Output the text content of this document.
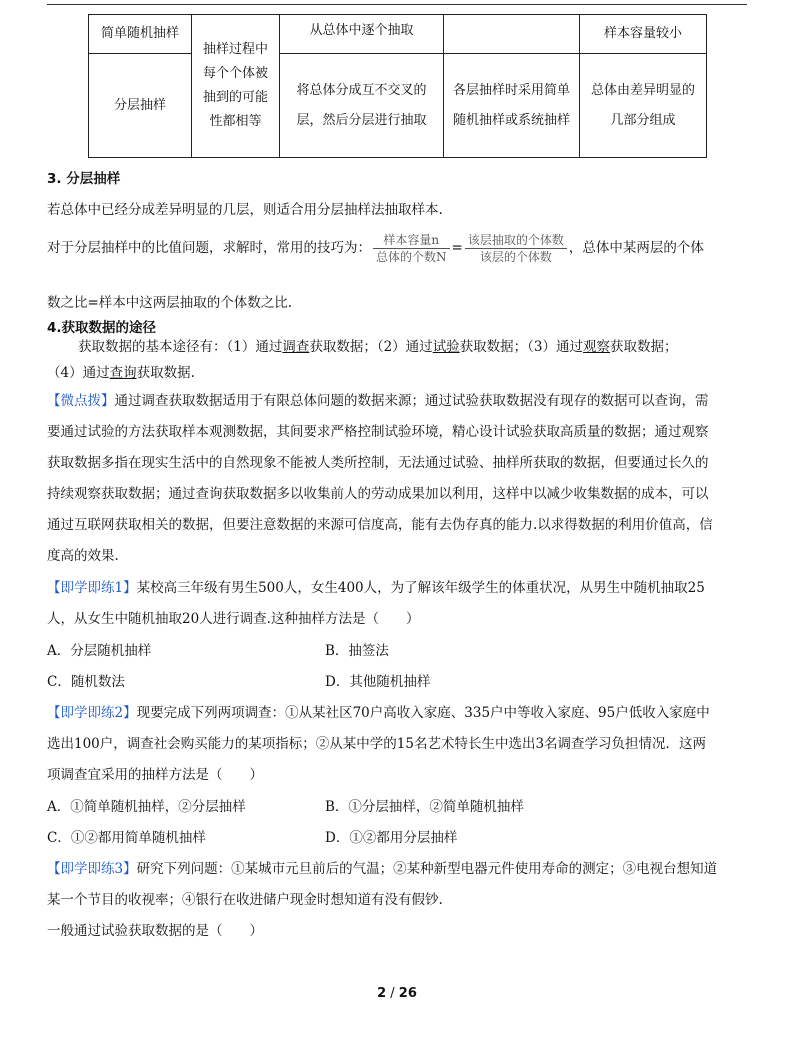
简单随机抽样	抽样过程中每个个体被抽到的可能性都相等	从总体中逐个抽取		样本容量较小
分层抽样		将总体分成互不交叉的层，然后分层进行抽取	各层抽样时采用简单随机抽样或系统抽样	总体由差异明显的几部分组成
3. 分层抽样
若总体中已经分成差异明显的几层，则适合用分层抽样法抽取样本.
对于分层抽样中的比值问题，求解时，常用的技巧为： $\frac{\text{样本容量n}}{\text{总体的个数N}} = \frac{\text{该层抽取的个体数}}{\text{该层的个体数}}$ ，总体中某两层的个体
数之比=样本中这两层抽取的个体数之比.
4.获取数据的途径
获取数据的基本途径有：（1）通过调查获取数据；（2）通过试验获取数据；（3）通过观察获取数据；
（4）通过查询获取数据.
【微点拨】通过调查获取数据适用于有限总体问题的数据来源；通过试验获取数据没有现存的数据可以查询，需
要通过试验的方法获取样本观测数据，其间要求严格控制试验环境，精心设计试验获取高质量的数据；通过观察
获取数据多指在现实生活中的自然现象不能被人类所控制，无法通过试验、抽样所获取的数据，但要通过长久的
持续观察获取数据；通过查询获取数据多以收集前人的劳动成果加以利用，这样中以减少收集数据的成本，可以
通过互联网获取相关的数据，但要注意数据的来源可信度高，能有去伪存真的能力.以求得数据的利用价值高，信
度高的效果.
【即学即练1】某校高三年级有男生500人，女生400人，为了解该年级学生的体重状况，从男生中随机抽取25
人，从女生中随机抽取20人进行调查.这种抽样方法是（　　）
A．分层随机抽样	B．抽签法
C．随机数法	D．其他随机抽样
【即学即练2】现要完成下列两项调查：①从某社区70户高收入家庭、335户中等收入家庭、95户低收入家庭中
选出100户，调查社会购买能力的某项指标；②从某中学的15名艺术特长生中选出3名调查学习负担情况．这两
项调查宜采用的抽样方法是（　　）
A．①简单随机抽样，②分层抽样	B．①分层抽样，②简单随机抽样
C．①②都用简单随机抽样	D．①②都用分层抽样
【即学即练3】研究下列问题：①某城市元旦前后的气温；②某种新型电器元件使用寿命的测定；③电视台想知道
某一个节目的收视率；④银行在收进储户现金时想知道有没有假钞.
一般通过试验获取数据的是（　　）
2 / 26
